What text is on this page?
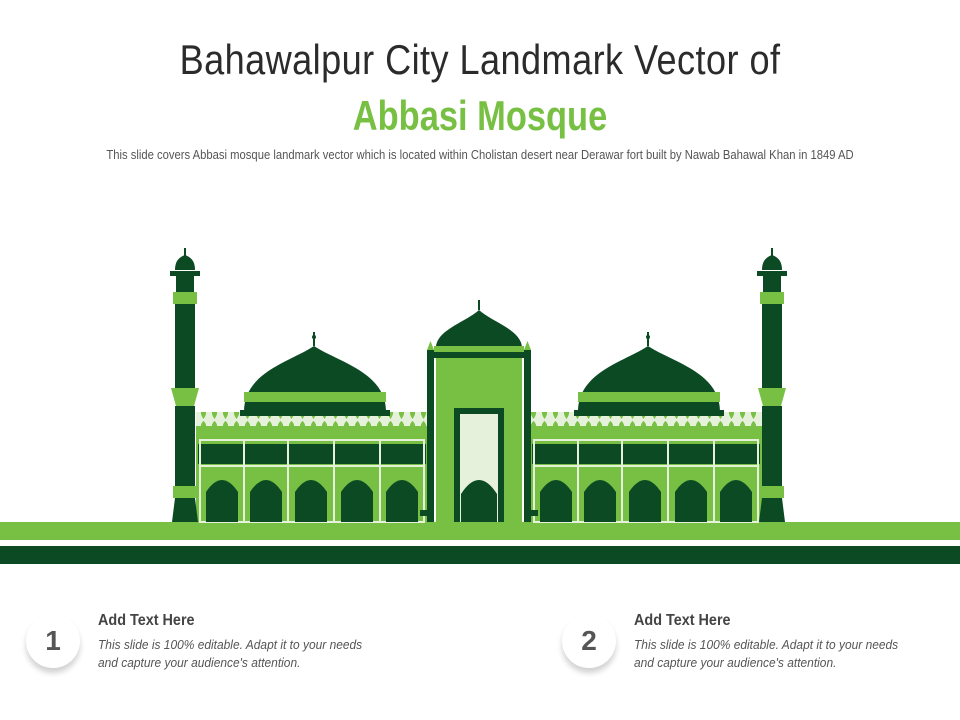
Bahawalpur City Landmark Vector of
Abbasi Mosque
This slide covers Abbasi mosque landmark vector which is located within Cholistan desert near Derawar fort built by Nawab Bahawal Khan in 1849 AD
1
Add Text Here
This slide is 100% editable. Adapt it to your needs and capture your audience's attention.
2
Add Text Here
This slide is 100% editable. Adapt it to your needs and capture your audience's attention.
